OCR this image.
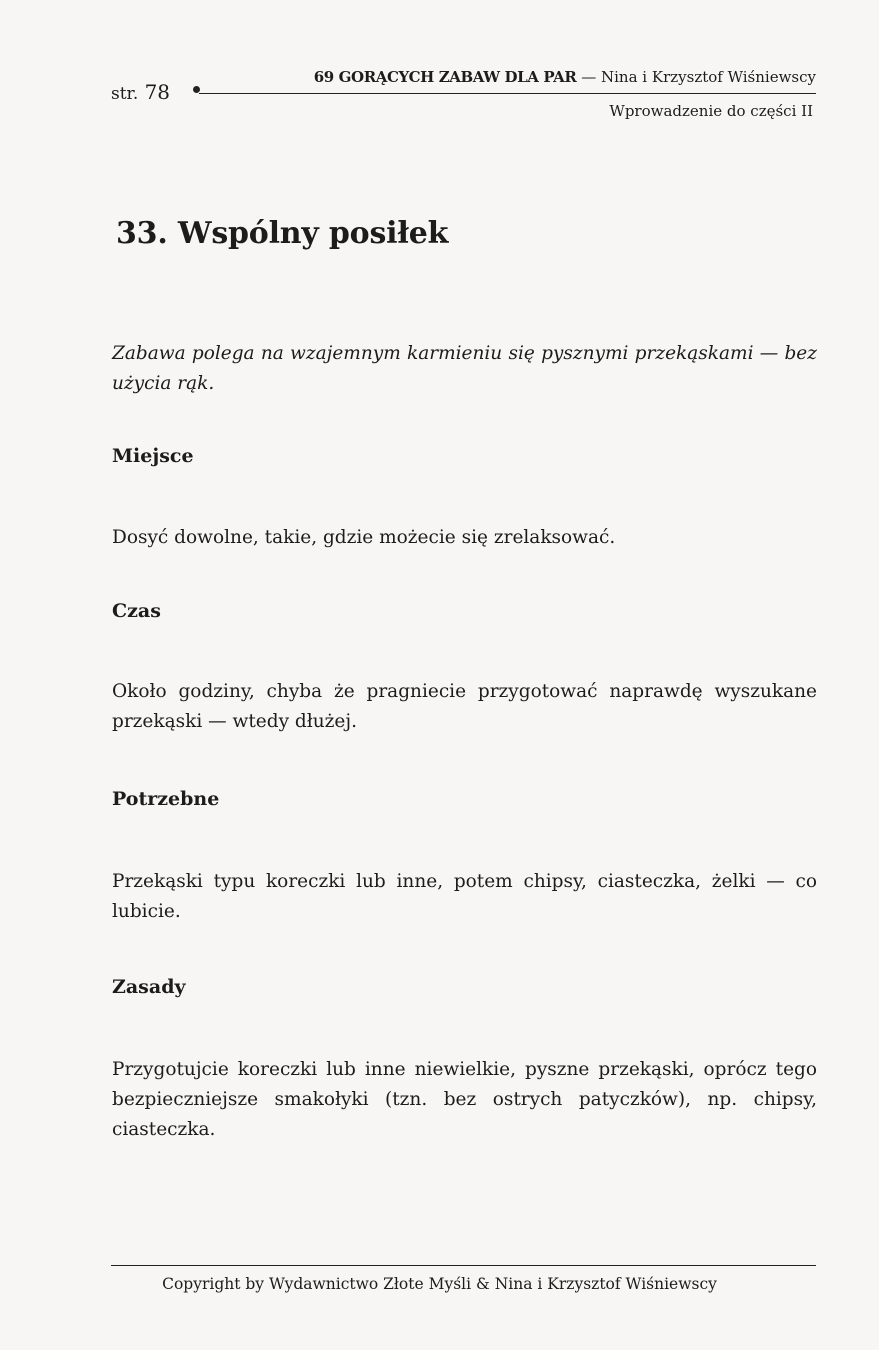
str. 78
69 GORĄCYCH ZABAW DLA PAR — Nina i Krzysztof Wiśniewscy
Wprowadzenie do części II
33. Wspólny posiłek
Zabawa polega na wzajemnym karmieniu się pysznymi przekąskami — bez użycia rąk.
Miejsce
Dosyć dowolne, takie, gdzie możecie się zrelaksować.
Czas
Około godziny, chyba że pragniecie przygotować naprawdę wyszukane przekąski — wtedy dłużej.
Potrzebne
Przekąski typu koreczki lub inne, potem chipsy, ciasteczka, żelki — co lubicie.
Zasady
Przygotujcie koreczki lub inne niewielkie, pyszne przekąski, oprócz tego bezpieczniejsze smakołyki (tzn. bez ostrych patyczków), np. chipsy, ciasteczka.
Copyright by Wydawnictwo Złote Myśli & Nina i Krzysztof Wiśniewscy
